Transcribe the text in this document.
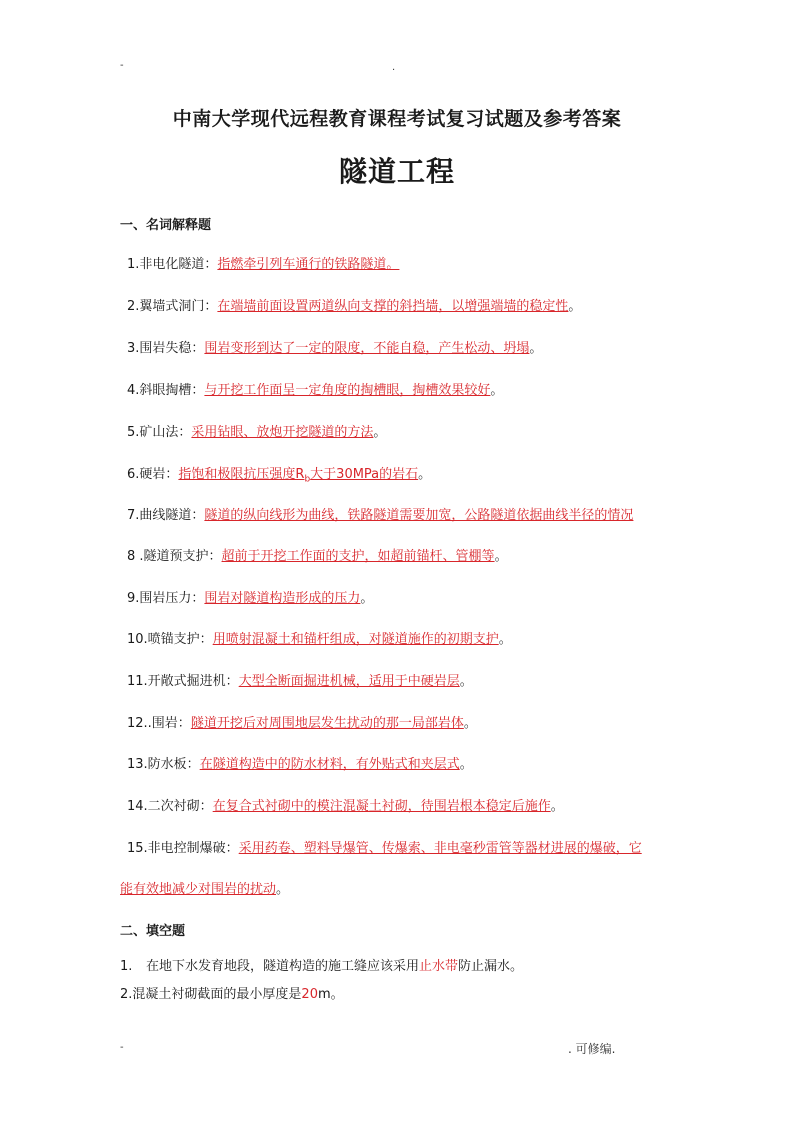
-	.
中南大学现代远程教育课程考试复习试题及参考答案
隧道工程
一、名词解释题
1.非电化隧道：指燃牵引列车通行的铁路隧道。
2.翼墙式洞门：在端墙前面设置两道纵向支撑的斜挡墙，以增强端墙的稳定性。
3.围岩失稳：围岩变形到达了一定的限度，不能自稳，产生松动、坍塌。
4.斜眼掏槽：与开挖工作面呈一定角度的掏槽眼，掏槽效果较好。
5.矿山法：采用钻眼、放炮开挖隧道的方法。
6.硬岩：指饱和极限抗压强度$R_b$大于30MPa的岩石。
7.曲线隧道：隧道的纵向线形为曲线，铁路隧道需要加宽，公路隧道依据曲线半径的情况
8 .隧道预支护：超前于开挖工作面的支护，如超前锚杆、管棚等。
9.围岩压力：围岩对隧道构造形成的压力。
10.喷锚支护：用喷射混凝土和锚杆组成，对隧道施作的初期支护。
11.开敞式掘进机：大型全断面掘进机械，适用于中硬岩层。
12..围岩：隧道开挖后对周围地层发生扰动的那一局部岩体。
13.防水板：在隧道构造中的防水材料，有外贴式和夹层式。
14.二次衬砌：在复合式衬砌中的模注混凝土衬砌，待围岩根本稳定后施作。
15.非电控制爆破：采用药卷、塑料导爆管、传爆索、非电毫秒雷管等器材进展的爆破，它
能有效地减少对围岩的扰动。
二、填空题
1. 在地下水发育地段，隧道构造的施工缝应该采用止水带防止漏水。
2.混凝土衬砌截面的最小厚度是20m。
-	. 可修编.
